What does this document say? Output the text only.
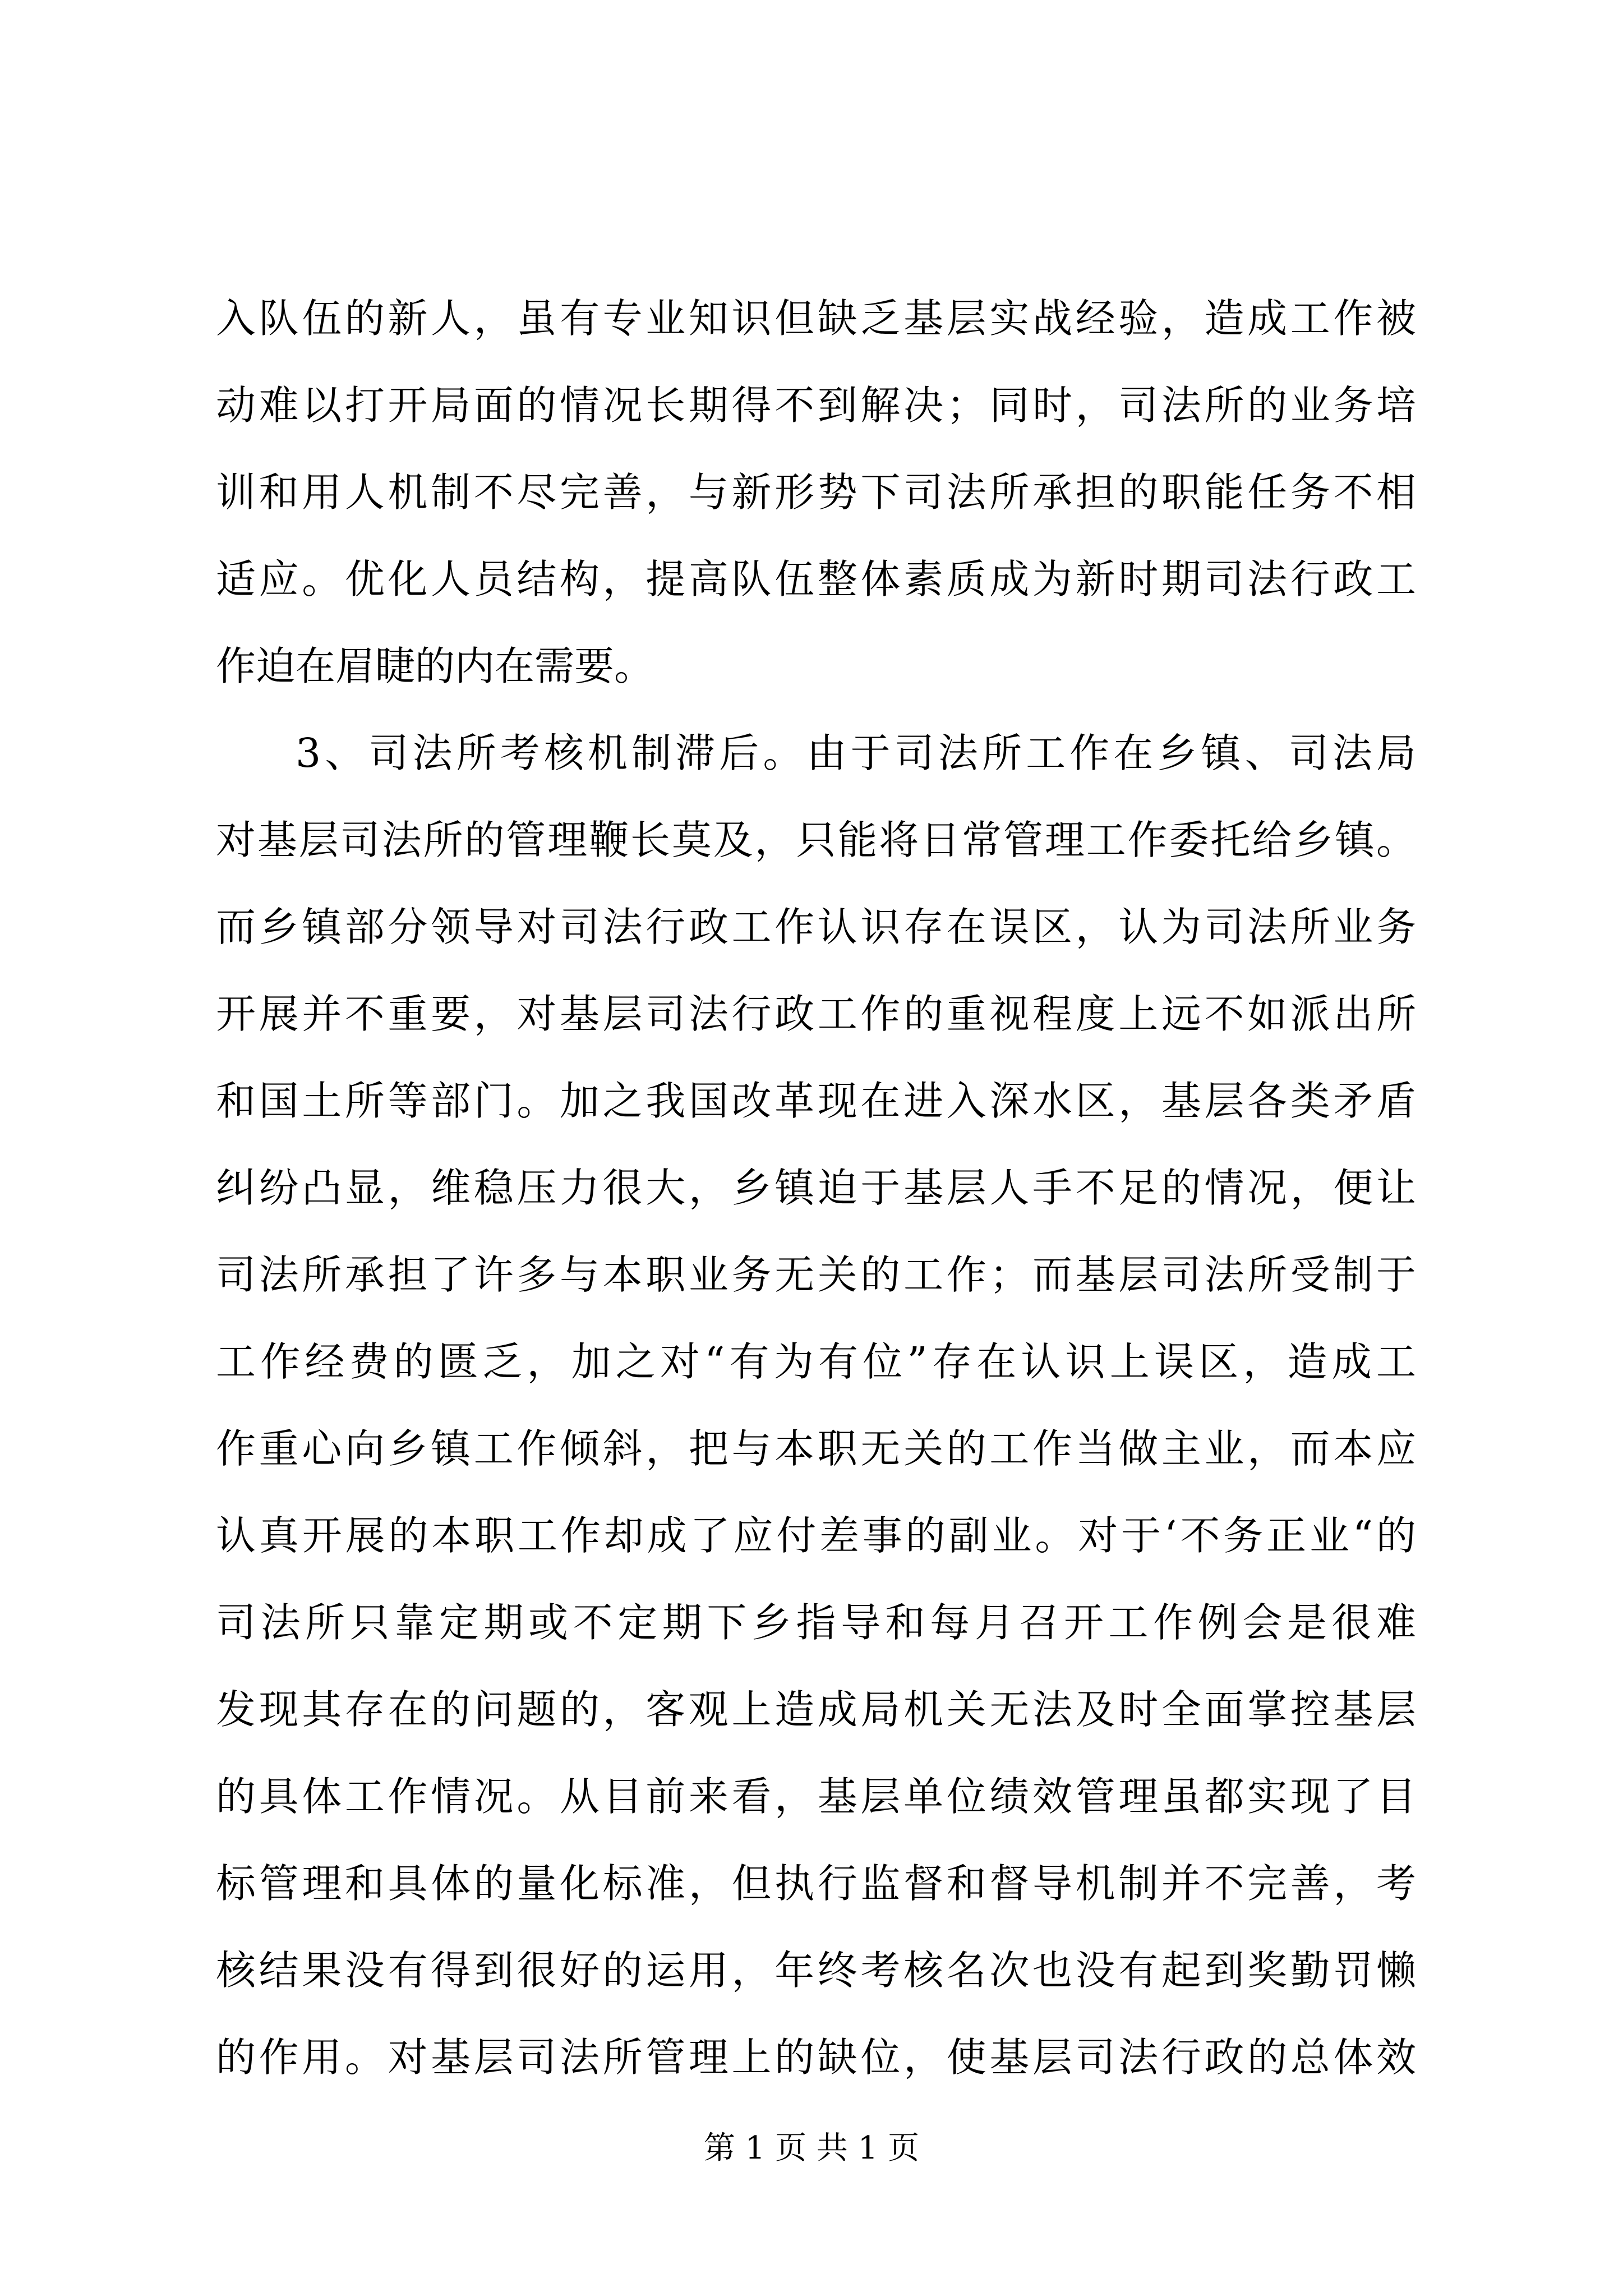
入队伍的新人，虽有专业知识但缺乏基层实战经验，造成工作被
动难以打开局面的情况长期得不到解决；同时，司法所的业务培
训和用人机制不尽完善，与新形势下司法所承担的职能任务不相
适应。优化人员结构，提高队伍整体素质成为新时期司法行政工
作迫在眉睫的内在需要。
3、司法所考核机制滞后。由于司法所工作在乡镇、司法局
对基层司法所的管理鞭长莫及，只能将日常管理工作委托给乡镇。
而乡镇部分领导对司法行政工作认识存在误区，认为司法所业务
开展并不重要，对基层司法行政工作的重视程度上远不如派出所
和国土所等部门。加之我国改革现在进入深水区，基层各类矛盾
纠纷凸显，维稳压力很大，乡镇迫于基层人手不足的情况，便让
司法所承担了许多与本职业务无关的工作；而基层司法所受制于
工作经费的匮乏，加之对“有为有位”存在认识上误区，造成工
作重心向乡镇工作倾斜，把与本职无关的工作当做主业，而本应
认真开展的本职工作却成了应付差事的副业。对于‘不务正业“的
司法所只靠定期或不定期下乡指导和每月召开工作例会是很难
发现其存在的问题的，客观上造成局机关无法及时全面掌控基层
的具体工作情况。从目前来看，基层单位绩效管理虽都实现了目
标管理和具体的量化标准，但执行监督和督导机制并不完善，考
核结果没有得到很好的运用，年终考核名次也没有起到奖勤罚懒
的作用。对基层司法所管理上的缺位，使基层司法行政的总体效
第 1 页 共 1 页
